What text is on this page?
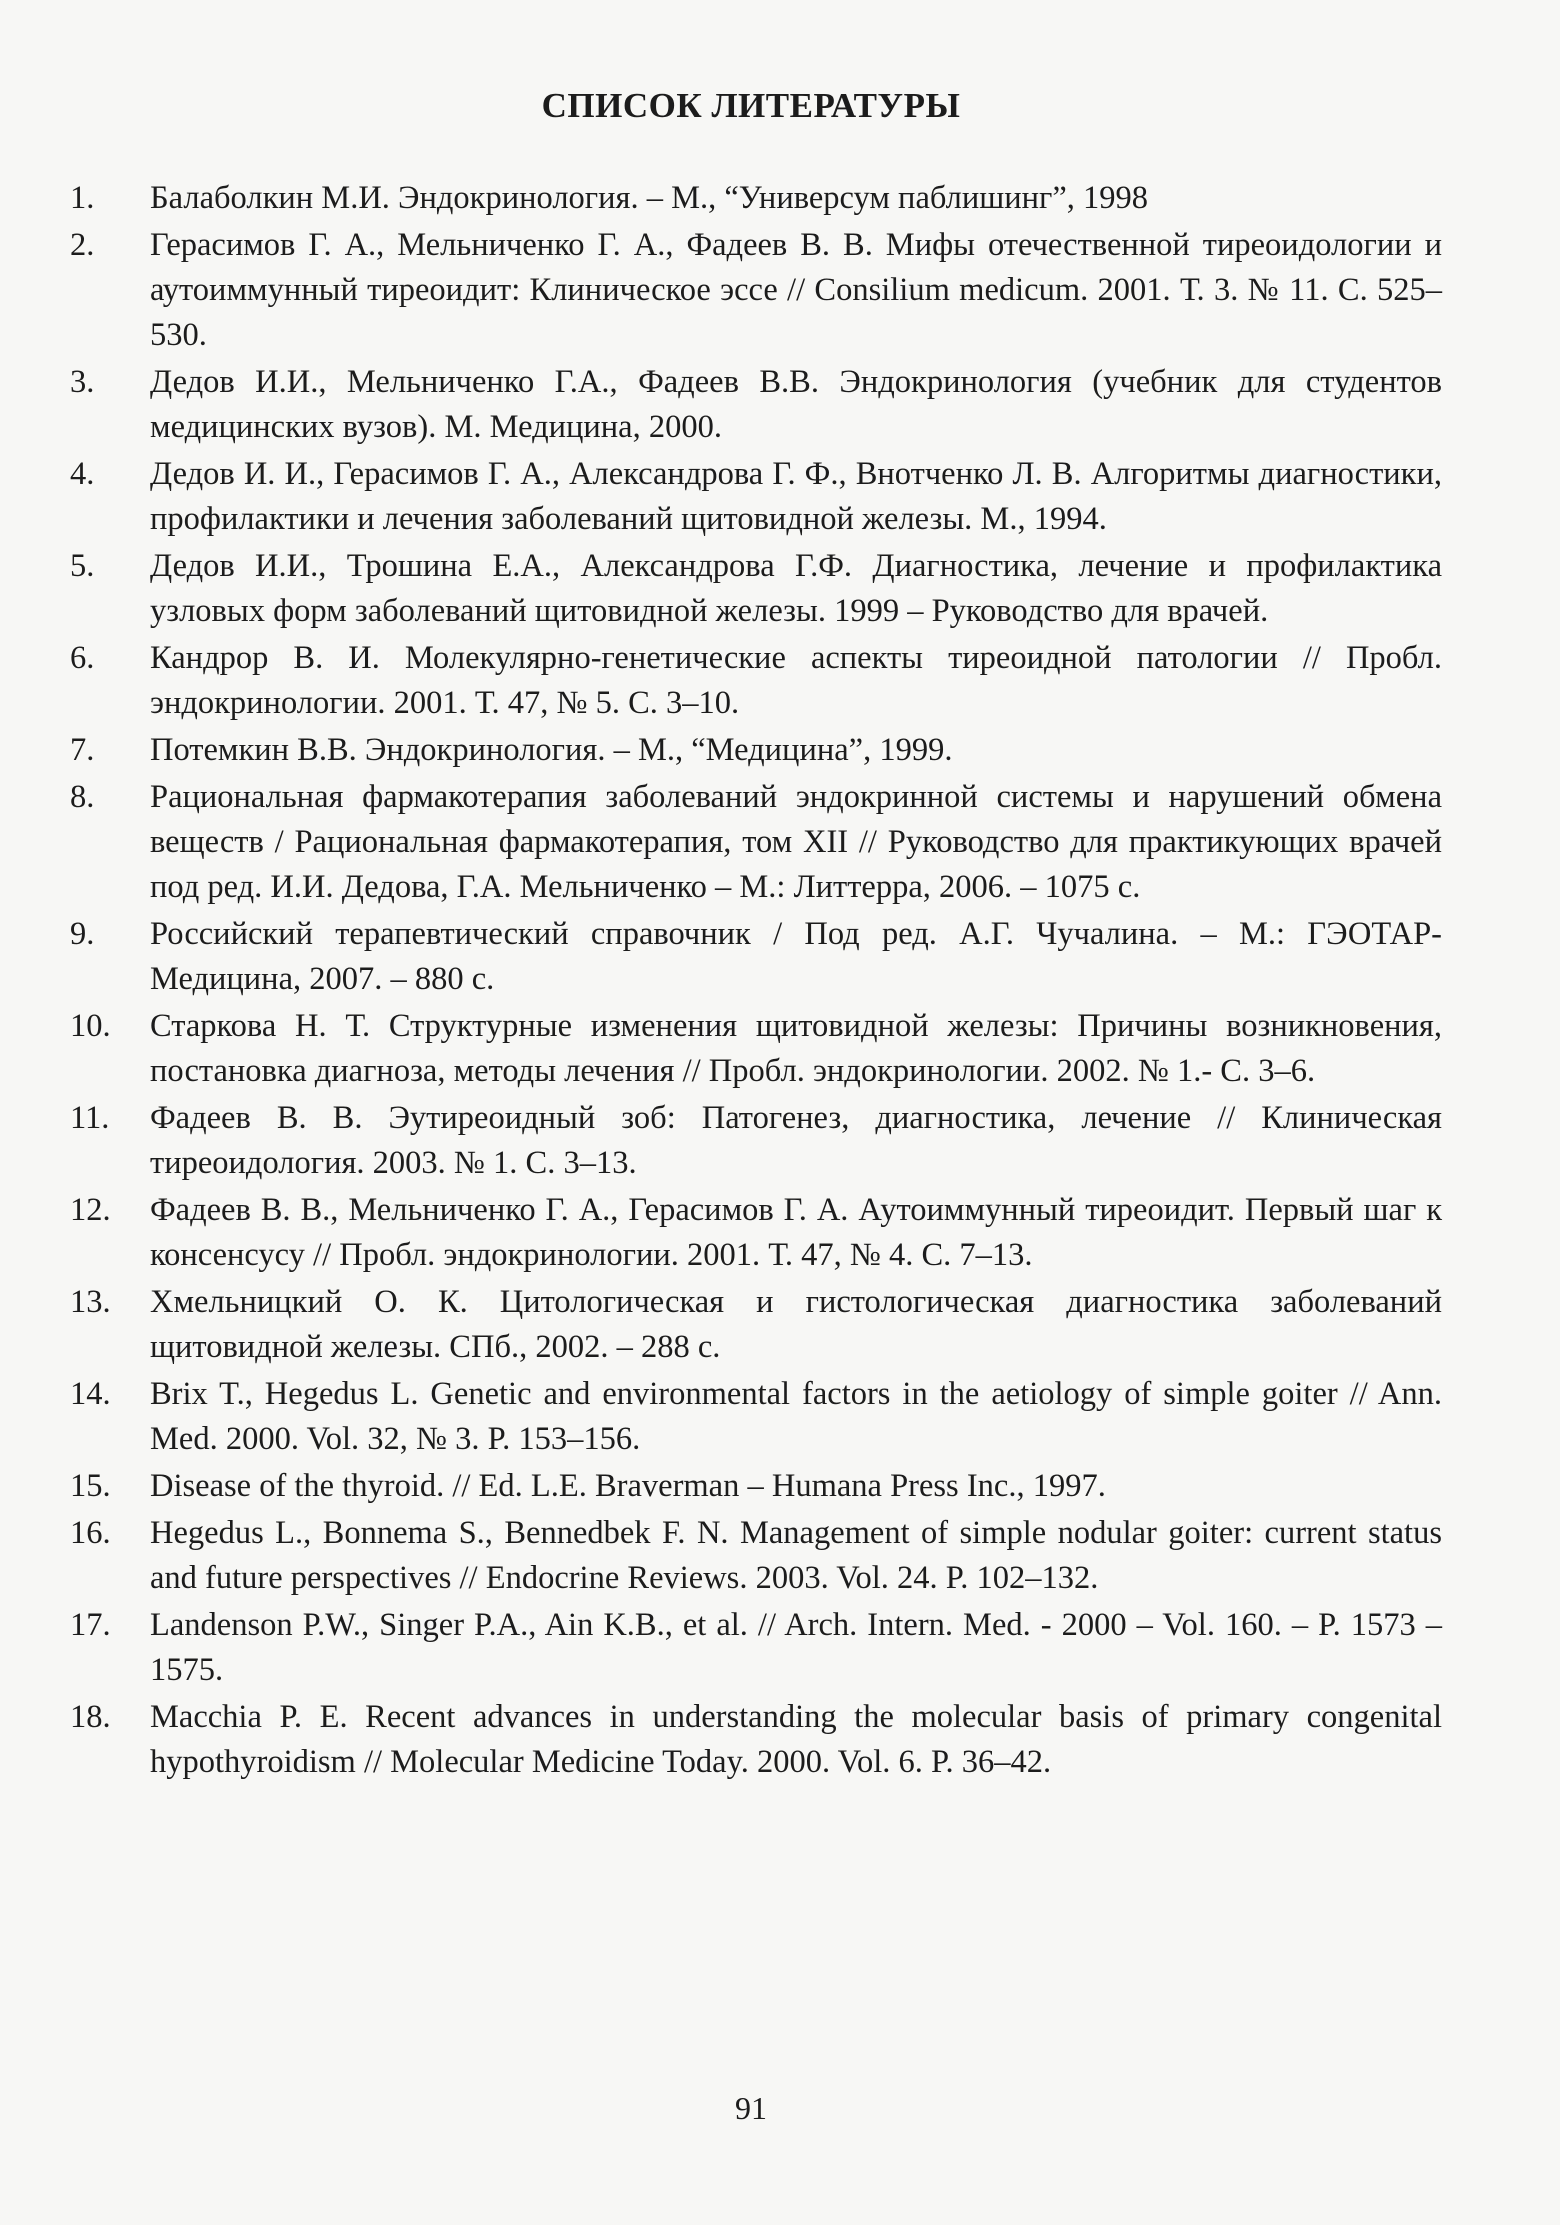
СПИСОК ЛИТЕРАТУРЫ
1.	Балаболкин М.И. Эндокринология. – М., “Универсум паблишинг”, 1998
2.	Герасимов Г. А., Мельниченко Г. А., Фадеев В. В. Мифы отечественной тиреоидологии и аутоиммунный тиреоидит: Клиническое эссе // Consilium medicum. 2001. Т. 3. № 11. С. 525–530.
3.	Дедов И.И., Мельниченко Г.А., Фадеев В.В. Эндокринология (учебник для студентов медицинских вузов). М. Медицина, 2000.
4.	Дедов И. И., Герасимов Г. А., Александрова Г. Ф., Внотченко Л. В. Алгоритмы диагностики, профилактики и лечения заболеваний щитовидной железы. М., 1994.
5.	Дедов И.И., Трошина Е.А., Александрова Г.Ф. Диагностика, лечение и профилактика узловых форм заболеваний щитовидной железы. 1999 – Руководство для врачей.
6.	Кандрор В. И. Молекулярно-генетические аспекты тиреоидной патологии // Пробл. эндокринологии. 2001. Т. 47, № 5. С. 3–10.
7.	Потемкин В.В. Эндокринология. – М., “Медицина”, 1999.
8.	Рациональная фармакотерапия заболеваний эндокринной системы и нарушений обмена веществ / Рациональная фармакотерапия, том XII // Руководство для практикующих врачей под ред. И.И. Дедова, Г.А. Мельниченко – М.: Литтерра, 2006. – 1075 с.
9.	Российский терапевтический справочник / Под ред. А.Г. Чучалина. – М.: ГЭОТАР-Медицина, 2007. – 880 с.
10.	Старкова Н. Т. Структурные изменения щитовидной железы: Причины возникновения, постановка диагноза, методы лечения // Пробл. эндокринологии. 2002. № 1.- С. 3–6.
11.	Фадеев В. В. Эутиреоидный зоб: Патогенез, диагностика, лечение // Клиническая тиреоидология. 2003. № 1. С. 3–13.
12.	Фадеев В. В., Мельниченко Г. А., Герасимов Г. А. Аутоиммунный тиреоидит. Первый шаг к консенсусу // Пробл. эндокринологии. 2001. Т. 47, № 4. С. 7–13.
13.	Хмельницкий О. К. Цитологическая и гистологическая диагностика заболеваний щитовидной железы. СПб., 2002. – 288 с.
14.	Brix T., Hegedus L. Genetic and environmental factors in the aetiology of simple goiter // Ann. Med. 2000. Vol. 32, № 3. P. 153–156.
15.	Disease of the thyroid. // Ed. L.E. Braverman – Humana Press Inc., 1997.
16.	Hegedus L., Bonnema S., Bennedbek F. N. Management of simple nodular goiter: current status and future perspectives // Endocrine Reviews. 2003. Vol. 24. P. 102–132.
17.	Landenson P.W., Singer P.A., Ain K.B., et al. // Arch. Intern. Med. - 2000 – Vol. 160. – P. 1573 – 1575.
18.	Macchia P. E. Recent advances in understanding the molecular basis of primary congenital hypothyroidism // Molecular Medicine Today. 2000. Vol. 6. P. 36–42.
91
